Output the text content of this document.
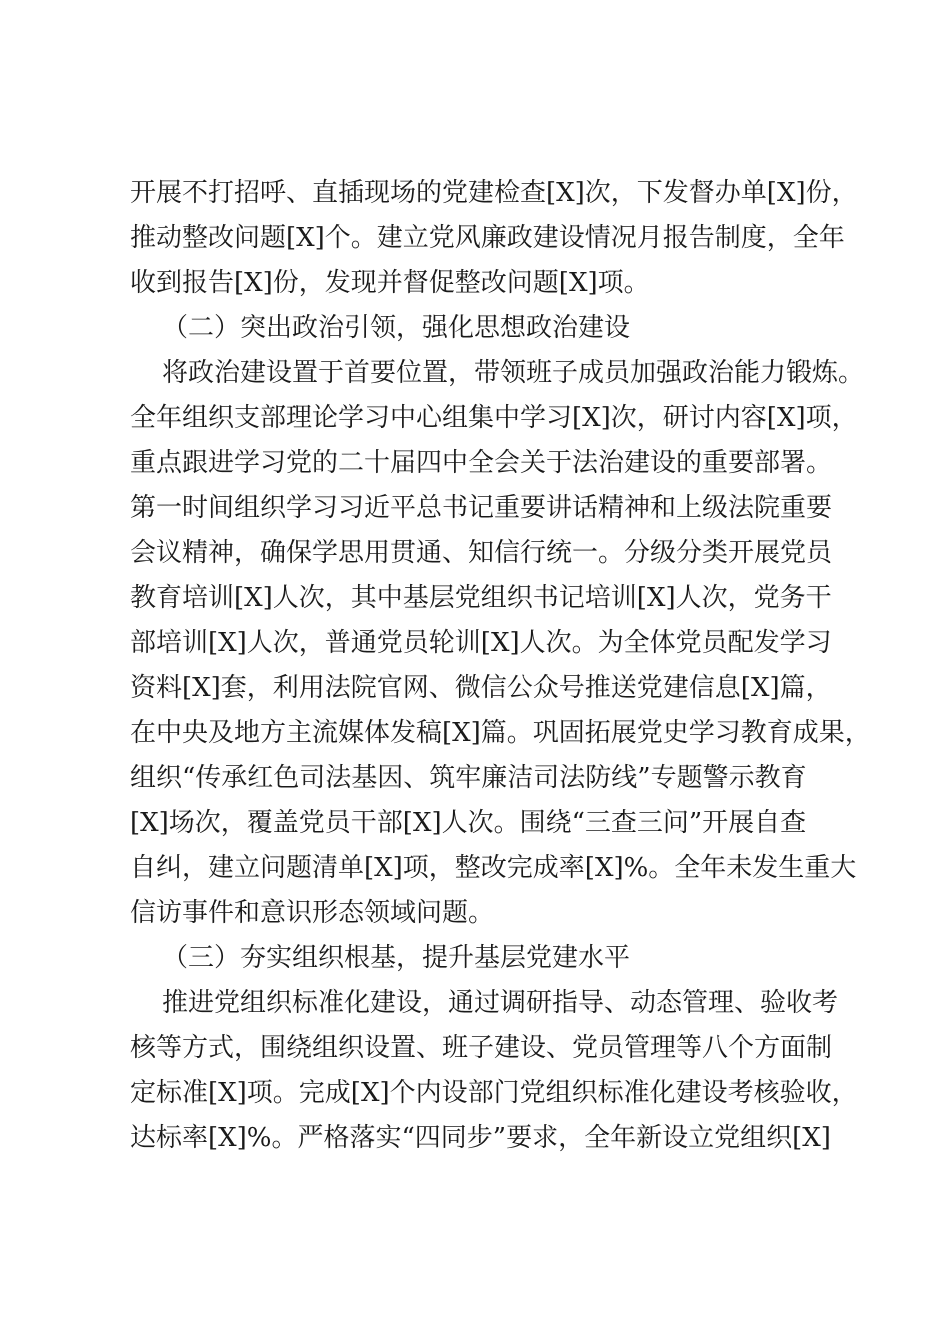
开展不打招呼、直插现场的党建检查[X]次，下发督办单[X]份，
推动整改问题[X]个。建立党风廉政建设情况月报告制度，全年
收到报告[X]份，发现并督促整改问题[X]项。
（二）突出政治引领，强化思想政治建设
将政治建设置于首要位置，带领班子成员加强政治能力锻炼。
全年组织支部理论学习中心组集中学习[X]次，研讨内容[X]项，
重点跟进学习党的二十届四中全会关于法治建设的重要部署。
第一时间组织学习习近平总书记重要讲话精神和上级法院重要
会议精神，确保学思用贯通、知信行统一。分级分类开展党员
教育培训[X]人次，其中基层党组织书记培训[X]人次，党务干
部培训[X]人次，普通党员轮训[X]人次。为全体党员配发学习
资料[X]套，利用法院官网、微信公众号推送党建信息[X]篇，
在中央及地方主流媒体发稿[X]篇。巩固拓展党史学习教育成果，
组织“传承红色司法基因、筑牢廉洁司法防线”专题警示教育
[X]场次，覆盖党员干部[X]人次。围绕“三查三问”开展自查
自纠，建立问题清单[X]项，整改完成率[X]%。全年未发生重大
信访事件和意识形态领域问题。
（三）夯实组织根基，提升基层党建水平
推进党组织标准化建设，通过调研指导、动态管理、验收考
核等方式，围绕组织设置、班子建设、党员管理等八个方面制
定标准[X]项。完成[X]个内设部门党组织标准化建设考核验收，
达标率[X]%。严格落实“四同步”要求，全年新设立党组织[X]
